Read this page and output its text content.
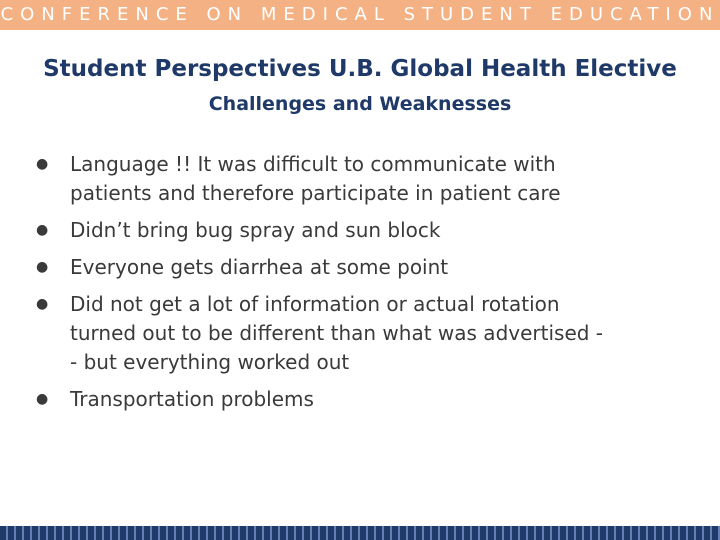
CONFERENCE ON MEDICAL STUDENT EDUCATION
Student Perspectives U.B. Global Health Elective
Challenges and Weaknesses
● Language !! It was difficult to communicate with
patients and therefore participate in patient care
● Didn’t bring bug spray and sun block
● Everyone gets diarrhea at some point
● Did not get a lot of information or actual rotation
turned out to be different than what was advertised -
- but everything worked out
● Transportation problems
